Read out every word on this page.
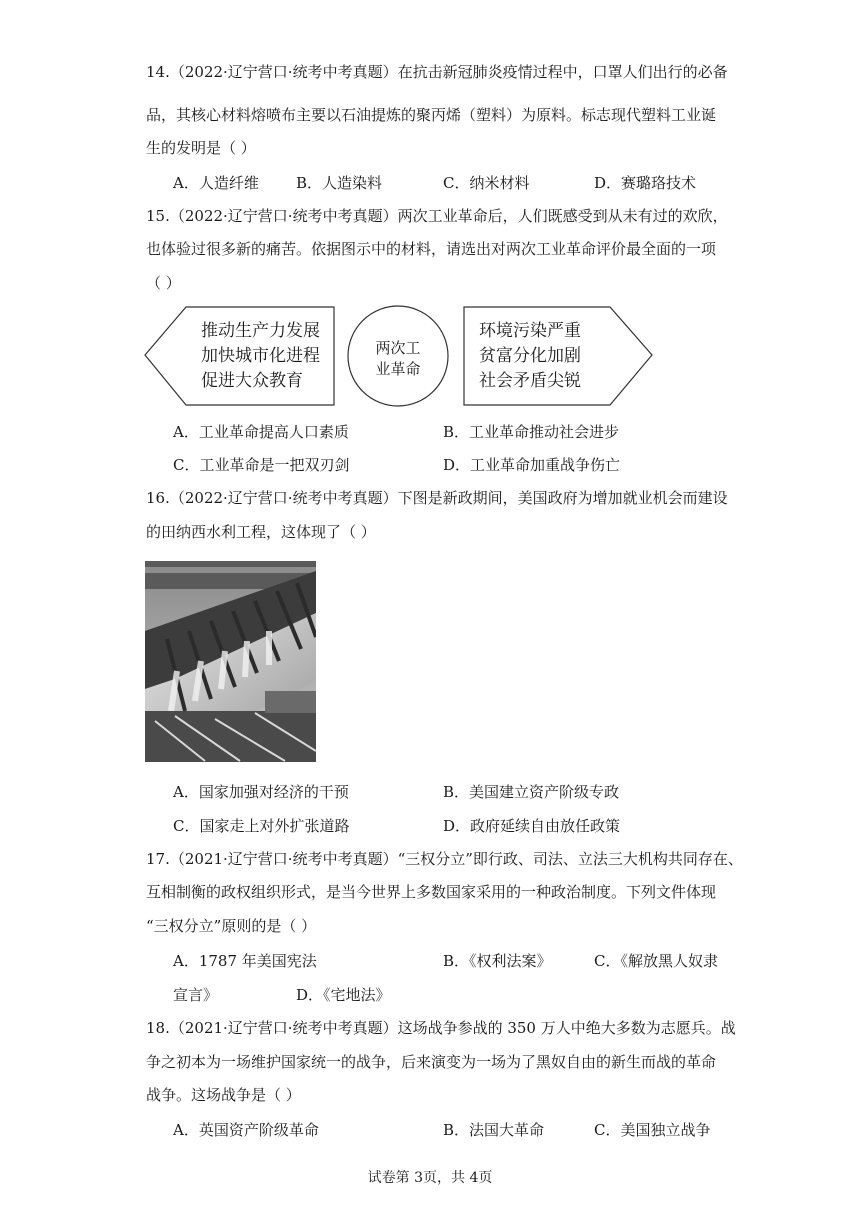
14.（2022·辽宁营口·统考中考真题）在抗击新冠肺炎疫情过程中，口罩人们出行的必备
品，其核心材料熔喷布主要以石油提炼的聚丙烯（塑料）为原料。标志现代塑料工业诞
生的发明是（ ）
A．人造纤维 B．人造染料	C．纳米材料	D．赛璐珞技术
15.（2022·辽宁营口·统考中考真题）两次工业革命后，人们既感受到从未有过的欢欣，
也体验过很多新的痛苦。依据图示中的材料，请选出对两次工业革命评价最全面的一项
（ ）
推动生产力发展
加快城市化进程
促进大众教育
两次工
业革命
环境污染严重
贫富分化加剧
社会矛盾尖锐
A．工业革命提高人口素质	B．工业革命推动社会进步
C．工业革命是一把双刃剑	D．工业革命加重战争伤亡
16.（2022·辽宁营口·统考中考真题）下图是新政期间，美国政府为增加就业机会而建设
的田纳西水利工程，这体现了（ ）
A．国家加强对经济的干预	B．美国建立资产阶级专政
C．国家走上对外扩张道路	D．政府延续自由放任政策
17.（2021·辽宁营口·统考中考真题）“三权分立”即行政、司法、立法三大机构共同存在、
互相制衡的政权组织形式，是当今世界上多数国家采用的一种政治制度。下列文件体现
“三权分立”原则的是（ ）
A．1787 年美国宪法	B．《权利法案》	C．《解放黑人奴隶
宣言》	D．《宅地法》
18.（2021·辽宁营口·统考中考真题）这场战争参战的 350 万人中绝大多数为志愿兵。战
争之初本为一场维护国家统一的战争，后来演变为一场为了黑奴自由的新生而战的革命
战争。这场战争是（ ）
A．英国资产阶级革命	B．法国大革命	C．美国独立战争
试卷第 3页，共 4页
